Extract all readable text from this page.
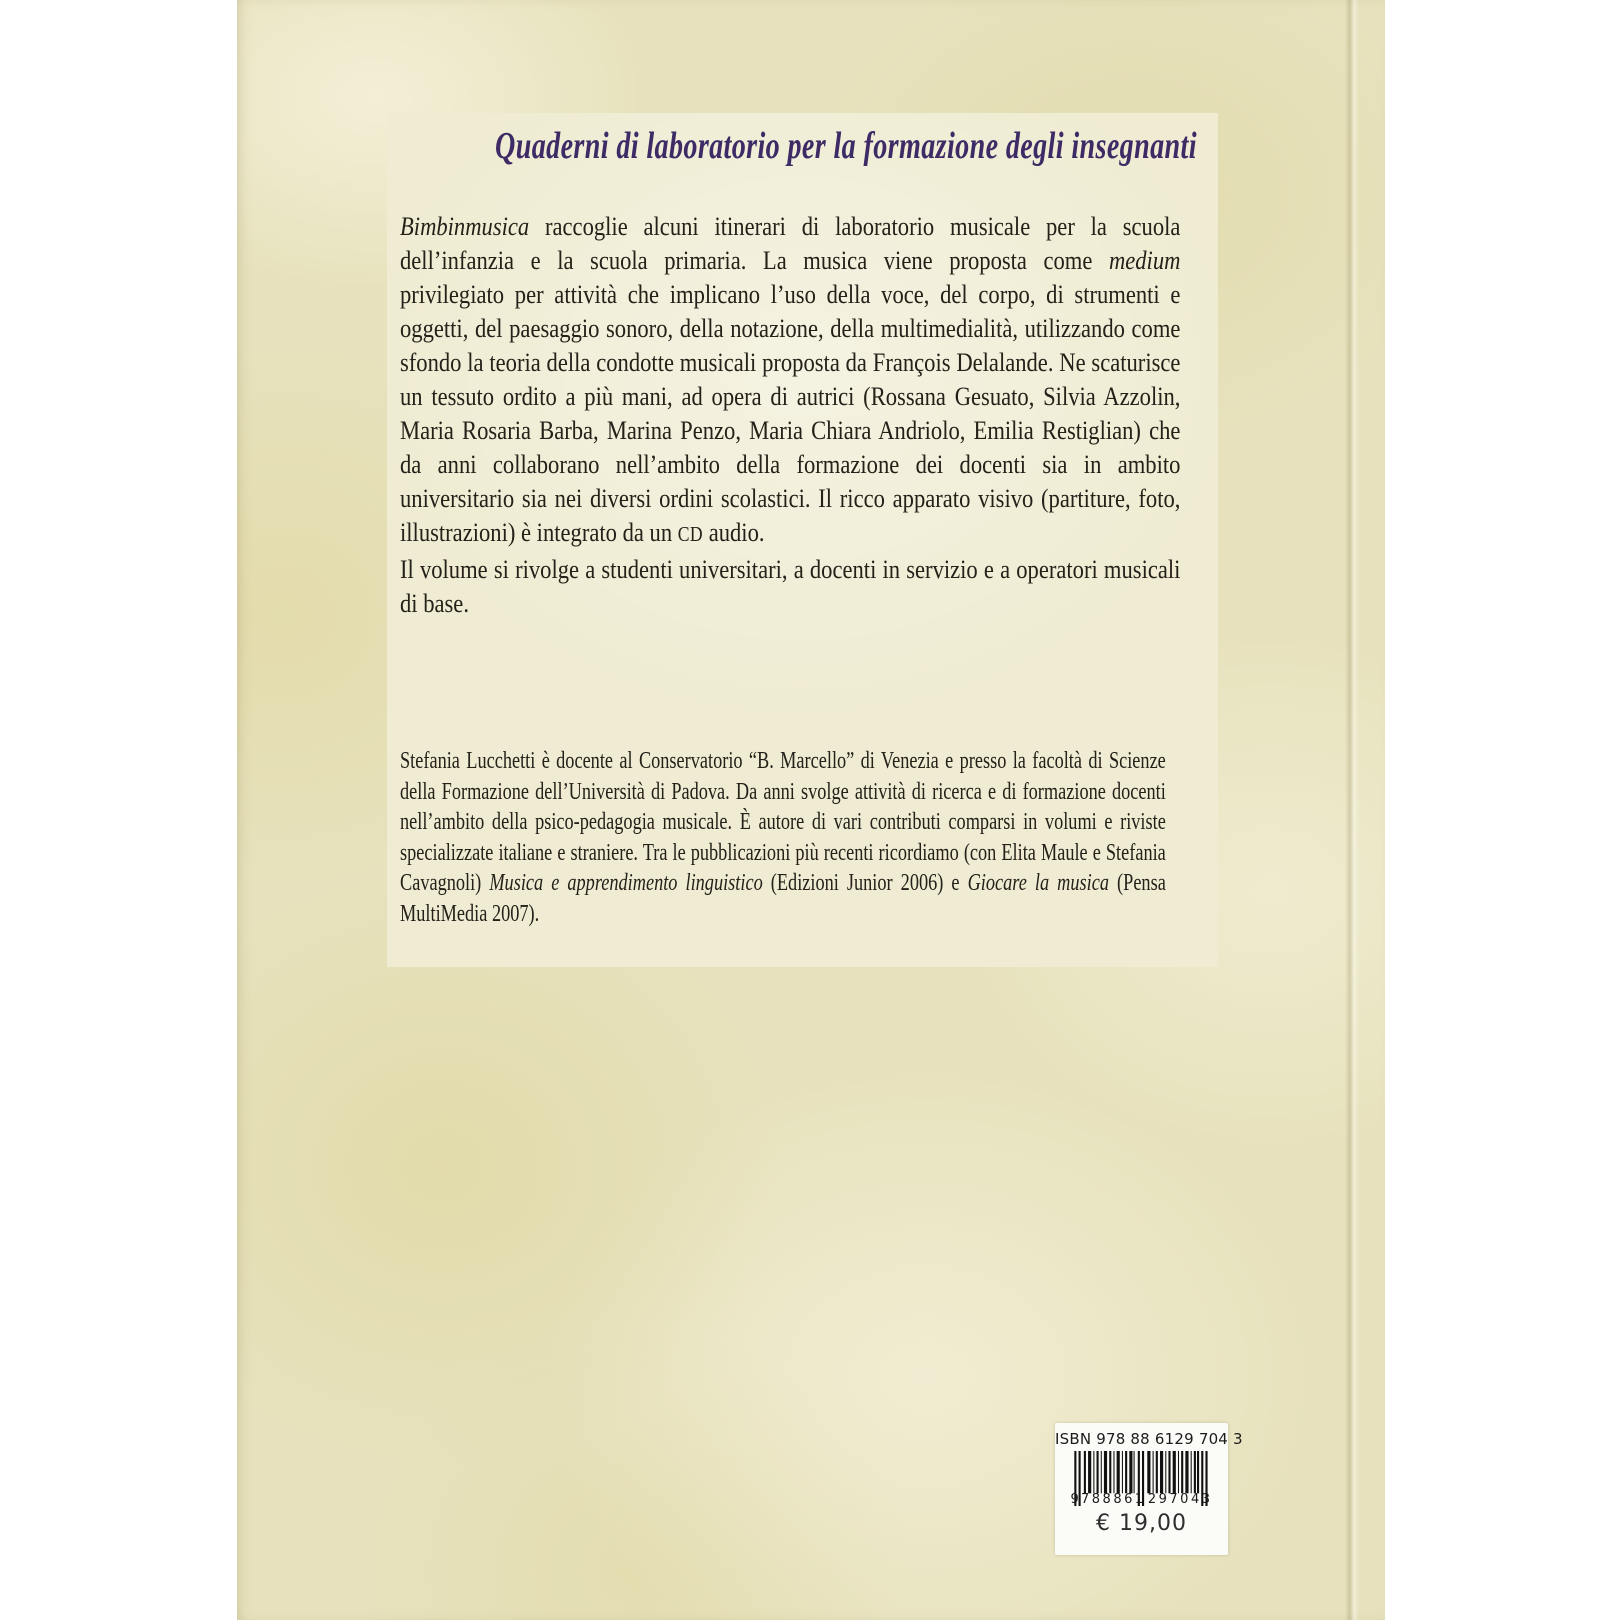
Quaderni di laboratorio per la formazione degli insegnanti

Bimbinmusica raccoglie alcuni itinerari di laboratorio musicale per la scuola dell’infanzia e la scuola primaria. La musica viene proposta come medium privilegiato per attività che implicano l’uso della voce, del corpo, di strumenti e oggetti, del paesaggio sonoro, della notazione, della multimedialità, utilizzando come sfondo la teoria della condotte musicali proposta da François Delalande. Ne scaturisce un tessuto ordito a più mani, ad opera di autrici (Rossana Gesuato, Silvia Azzolin, Maria Rosaria Barba, Marina Penzo, Maria Chiara Andriolo, Emilia Restiglian) che da anni collaborano nell’ambito della formazione dei docenti sia in ambito universitario sia nei diversi ordini scolastici. Il ricco apparato visivo (partiture, foto, illustrazioni) è integrato da un CD audio.

Il volume si rivolge a studenti universitari, a docenti in servizio e a operatori musicali di base.

Stefania Lucchetti è docente al Conservatorio “B. Marcello” di Venezia e presso la facoltà di Scienze della Formazione dell’Università di Padova. Da anni svolge attività di ricerca e di formazione docenti nell’ambito della psico-pedagogia musicale. È autore di vari contributi comparsi in volumi e riviste specializzate italiane e straniere. Tra le pubblicazioni più recenti ricordiamo (con Elita Maule e Stefania Cavagnoli) Musica e apprendimento linguistico (Edizioni Junior 2006) e Giocare la musica (Pensa MultiMedia 2007).

ISBN 978 88 6129 704 3
9 788861 297043
€ 19,00
